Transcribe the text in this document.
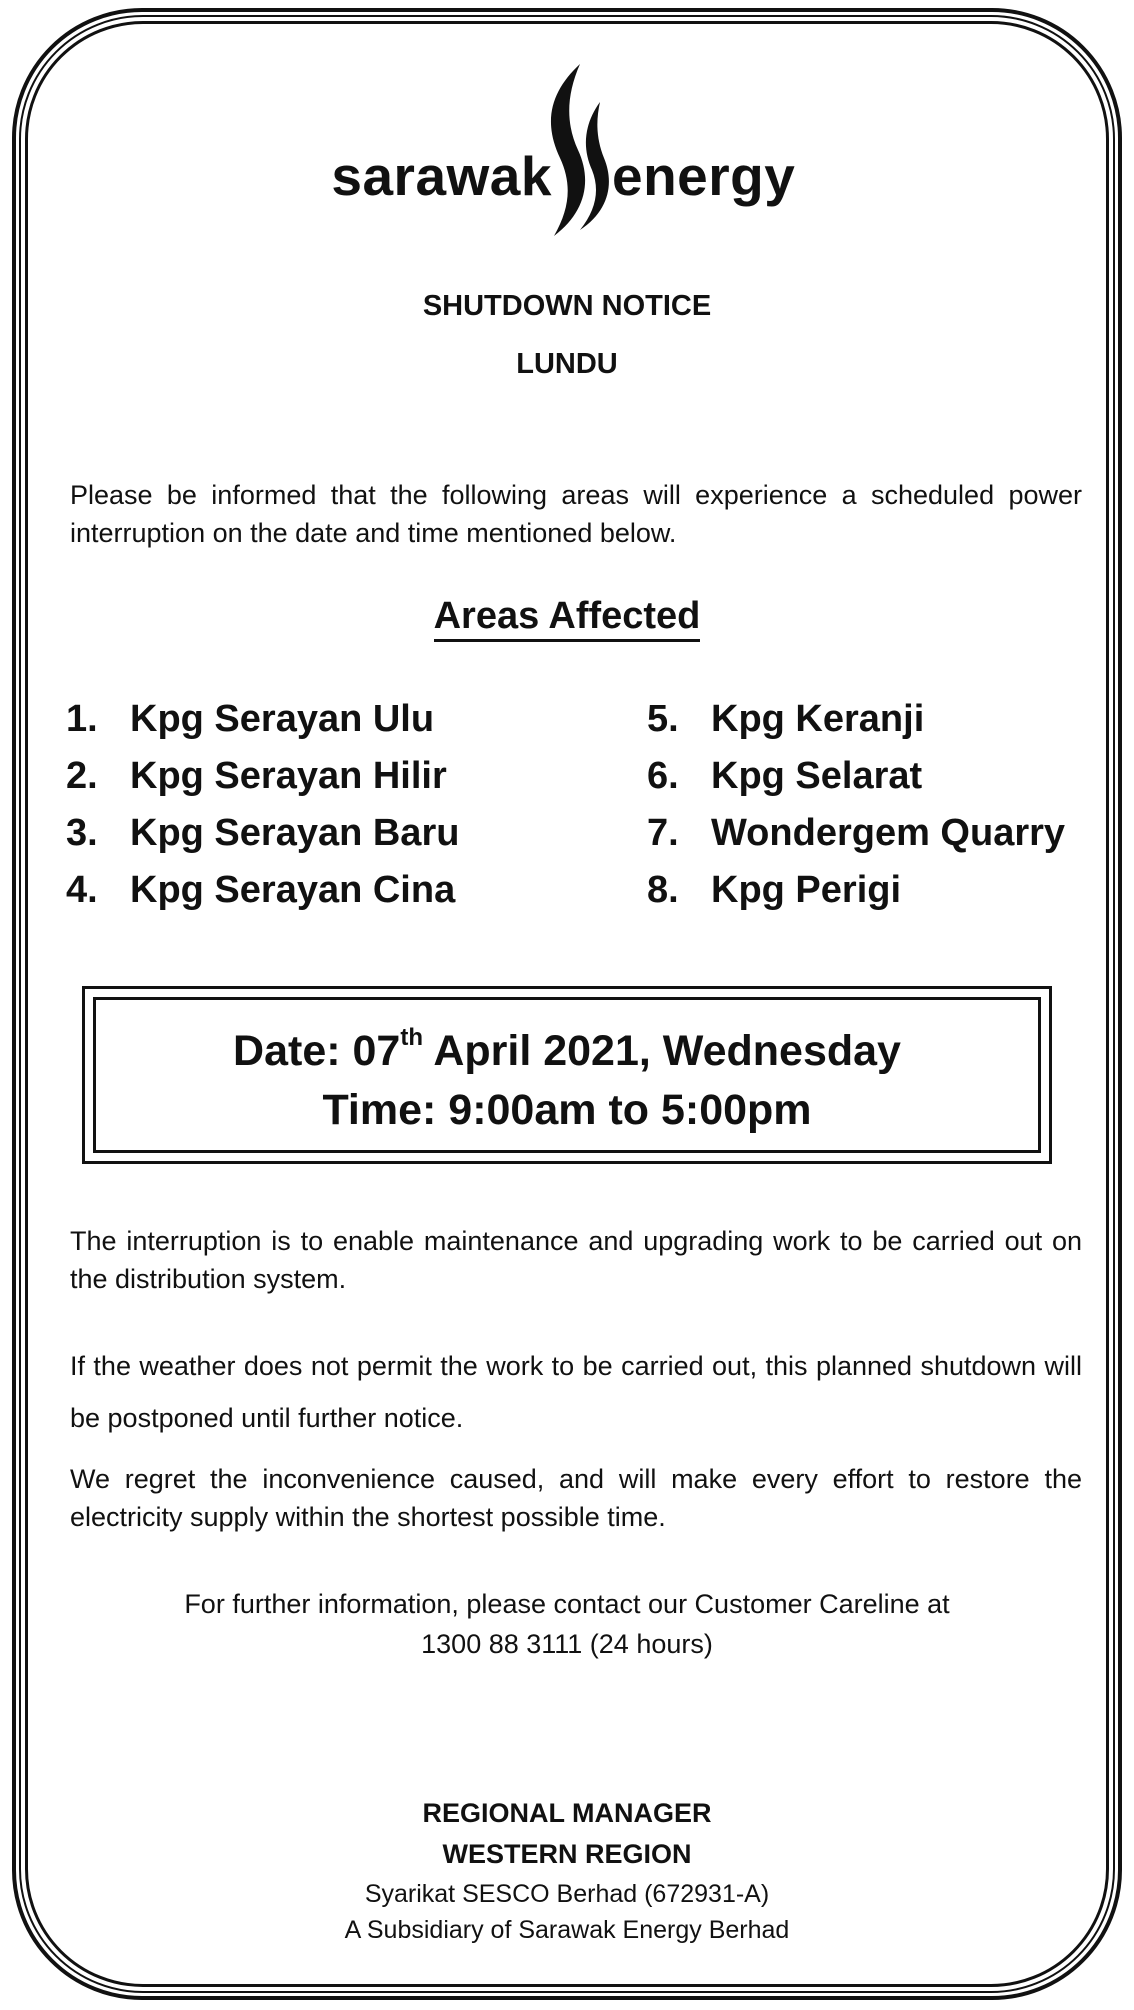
sarawak energy
SHUTDOWN NOTICE
LUNDU
Please be informed that the following areas will experience a scheduled power interruption on the date and time mentioned below.
Areas Affected
1. Kpg Serayan Ulu
2. Kpg Serayan Hilir
3. Kpg Serayan Baru
4. Kpg Serayan Cina
5. Kpg Keranji
6. Kpg Selarat
7. Wondergem Quarry
8. Kpg Perigi
Date: 07th April 2021, Wednesday
Time: 9:00am to 5:00pm
The interruption is to enable maintenance and upgrading work to be carried out on the distribution system.
If the weather does not permit the work to be carried out, this planned shutdown will be postponed until further notice.
We regret the inconvenience caused, and will make every effort to restore the electricity supply within the shortest possible time.
For further information, please contact our Customer Careline at
1300 88 3111 (24 hours)
REGIONAL MANAGER
WESTERN REGION
Syarikat SESCO Berhad (672931-A)
A Subsidiary of Sarawak Energy Berhad
